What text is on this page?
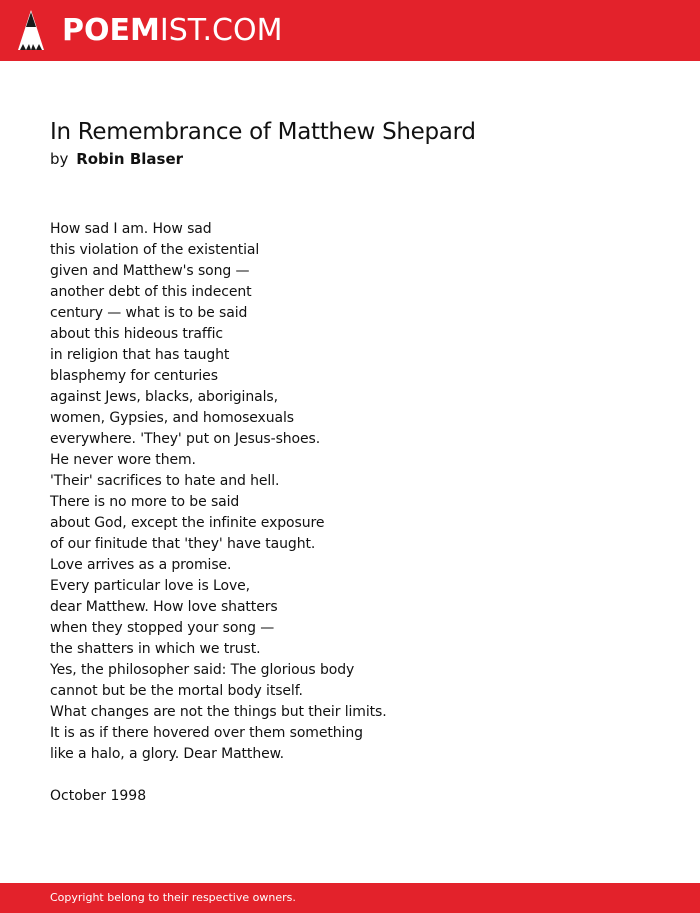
POEMIST.COM
In Remembrance of Matthew Shepard
by Robin Blaser
How sad I am. How sad
this violation of the existential
given and Matthew's song —
another debt of this indecent
century — what is to be said
about this hideous traffic
in religion that has taught
blasphemy for centuries
against Jews, blacks, aboriginals,
women, Gypsies, and homosexuals
everywhere. 'They' put on Jesus-shoes.
He never wore them.
'Their' sacrifices to hate and hell.
There is no more to be said
about God, except the infinite exposure
of our finitude that 'they' have taught.
Love arrives as a promise.
Every particular love is Love,
dear Matthew. How love shatters
when they stopped your song —
the shatters in which we trust.
Yes, the philosopher said: The glorious body
cannot but be the mortal body itself.
What changes are not the things but their limits.
It is as if there hovered over them something
like a halo, a glory. Dear Matthew.
October 1998
Copyright belong to their respective owners.
